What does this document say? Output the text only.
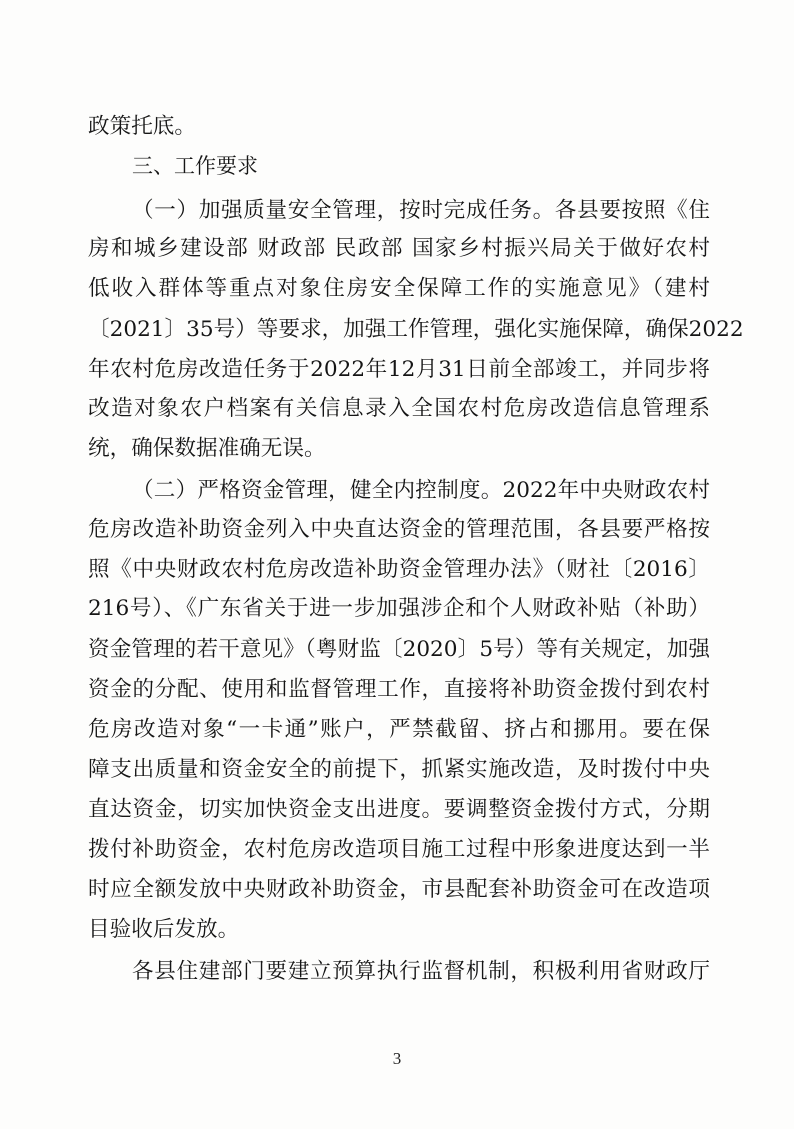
政策托底。
三、工作要求
（一）加强质量安全管理，按时完成任务。各县要按照《住
房和城乡建设部 财政部 民政部 国家乡村振兴局关于做好农村
低收入群体等重点对象住房安全保障工作的实施意见》（建村
〔2021〕35号）等要求，加强工作管理，强化实施保障，确保2022
年农村危房改造任务于2022年12月31日前全部竣工，并同步将
改造对象农户档案有关信息录入全国农村危房改造信息管理系
统，确保数据准确无误。
（二）严格资金管理，健全内控制度。2022年中央财政农村
危房改造补助资金列入中央直达资金的管理范围，各县要严格按
照《中央财政农村危房改造补助资金管理办法》（财社〔2016〕
216号）、《广东省关于进一步加强涉企和个人财政补贴（补助）
资金管理的若干意见》（粤财监〔2020〕5号）等有关规定，加强
资金的分配、使用和监督管理工作，直接将补助资金拨付到农村
危房改造对象“一卡通”账户，严禁截留、挤占和挪用。要在保
障支出质量和资金安全的前提下，抓紧实施改造，及时拨付中央
直达资金，切实加快资金支出进度。要调整资金拨付方式，分期
拨付补助资金，农村危房改造项目施工过程中形象进度达到一半
时应全额发放中央财政补助资金，市县配套补助资金可在改造项
目验收后发放。
各县住建部门要建立预算执行监督机制，积极利用省财政厅
3
